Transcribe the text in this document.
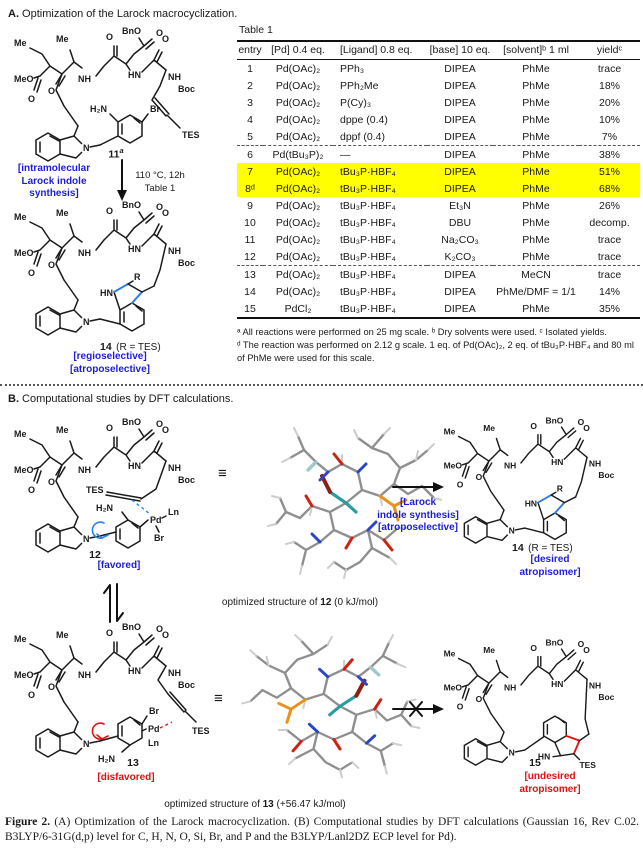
A. Optimization of the Larock macrocyclization.
H₂N	Br
TES
11$^a$
[intramolecular
Larock indole
synthesis]
110 °C, 12h
Table 1
14 (R = TES)
[regioselective]
[atroposelective]
Table 1
entry	[Pd] 0.4 eq.	[Ligand] 0.8 eq.	[base] 10 eq.	[solvent]ᵇ 1 ml	yieldᶜ
1	Pd(OAc)₂	PPh₃	DIPEA	PhMe	trace
2	Pd(OAc)₂	PPh₂Me	DIPEA	PhMe	18%
3	Pd(OAc)₂	P(Cy)₃	DIPEA	PhMe	20%
4	Pd(OAc)₂	dppe (0.4)	DIPEA	PhMe	10%
5	Pd(OAc)₂	dppf (0.4)	DIPEA	PhMe	7%
6	Pd(tBu₃P)₂	—	DIPEA	PhMe	38%
7	Pd(OAc)₂	tBu₃P·HBF₄	DIPEA	PhMe	51%
8ᵈ	Pd(OAc)₂	tBu₃P·HBF₄	DIPEA	PhMe	68%
9	Pd(OAc)₂	tBu₃P·HBF₄	Et₃N	PhMe	26%
10	Pd(OAc)₂	tBu₃P·HBF₄	DBU	PhMe	decomp.
11	Pd(OAc)₂	tBu₃P·HBF₄	Na₂CO₃	PhMe	trace
12	Pd(OAc)₂	tBu₃P·HBF₄	K₂CO₃	PhMe	trace
13	Pd(OAc)₂	tBu₃P·HBF₄	DIPEA	MeCN	trace
14	Pd(OAc)₂	tBu₃P·HBF₄	DIPEA	PhMe/DMF = 1/1	14%
15	PdCl₂	tBu₃P·HBF₄	DIPEA	PhMe	35%
ᵃ All reactions were performed on 25 mg scale. ᵇ Dry solvents were used. ᶜ Isolated yields.
ᵈ The reaction was performed on 2.12 g scale. 1 eq. of Pd(OAc)₂, 2 eq. of tBu₃P·HBF₄ and 80 ml of PhMe were used for this scale.
B. Computational studies by DFT calculations.
TES
H₂N
Pd
Ln
Br
12
[favored]
H₂N
Br
Pd
Ln
TES
13
[disfavored]
≡
≡
optimized structure of 12 (0 kJ/mol)
optimized structure of 13 (+56.47 kJ/mol)
[Larock
indole synthesis]
[atroposelective]
14 (R = TES)
[desired
atropisomer]
15
[undesired
atropisomer]
Figure 2. (A) Optimization of the Larock macrocyclization. (B) Computational studies by DFT calculations (Gaussian 16, Rev C.02. B3LYP/6-31G(d,p) level for C, H, N, O, Si, Br, and P and the B3LYP/Lanl2DZ ECP level for Pd).
